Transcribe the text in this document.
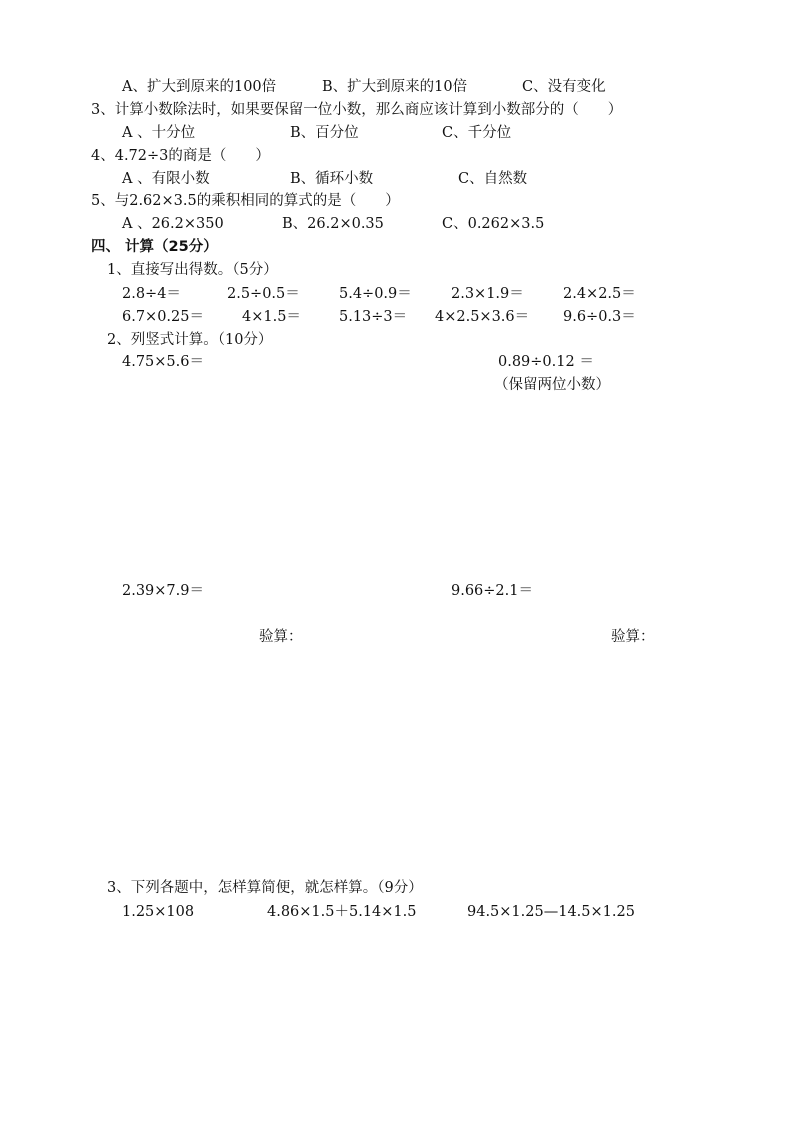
A、扩大到原来的100倍	B、扩大到原来的10倍	C、没有变化
3、计算小数除法时，如果要保留一位小数，那么商应该计算到小数部分的（　　）
A 、十分位	B、百分位	C、千分位
4、4.72÷3的商是（　　）
A 、有限小数	B、循环小数	C、自然数
5、与2.62×3.5的乘积相同的算式的是（　　）
A 、26.2×350	B、26.2×0.35	C、0.262×3.5
四、 计算（25分）
1、直接写出得数。（5分）
2.8÷4＝	2.5÷0.5＝	5.4÷0.9＝	2.3×1.9＝	2.4×2.5＝
6.7×0.25＝	4×1.5＝	5.13÷3＝ 4×2.5×3.6＝ 9.6÷0.3＝
2、列竖式计算。（10分）
4.75×5.6＝	0.89÷0.12 ＝
（保留两位小数）
2.39×7.9＝	9.66÷2.1＝
验算：	验算：
3、下列各题中，怎样算简便，就怎样算。（9分）
1.25×108	4.86×1.5＋5.14×1.5	94.5×1.25—14.5×1.25
